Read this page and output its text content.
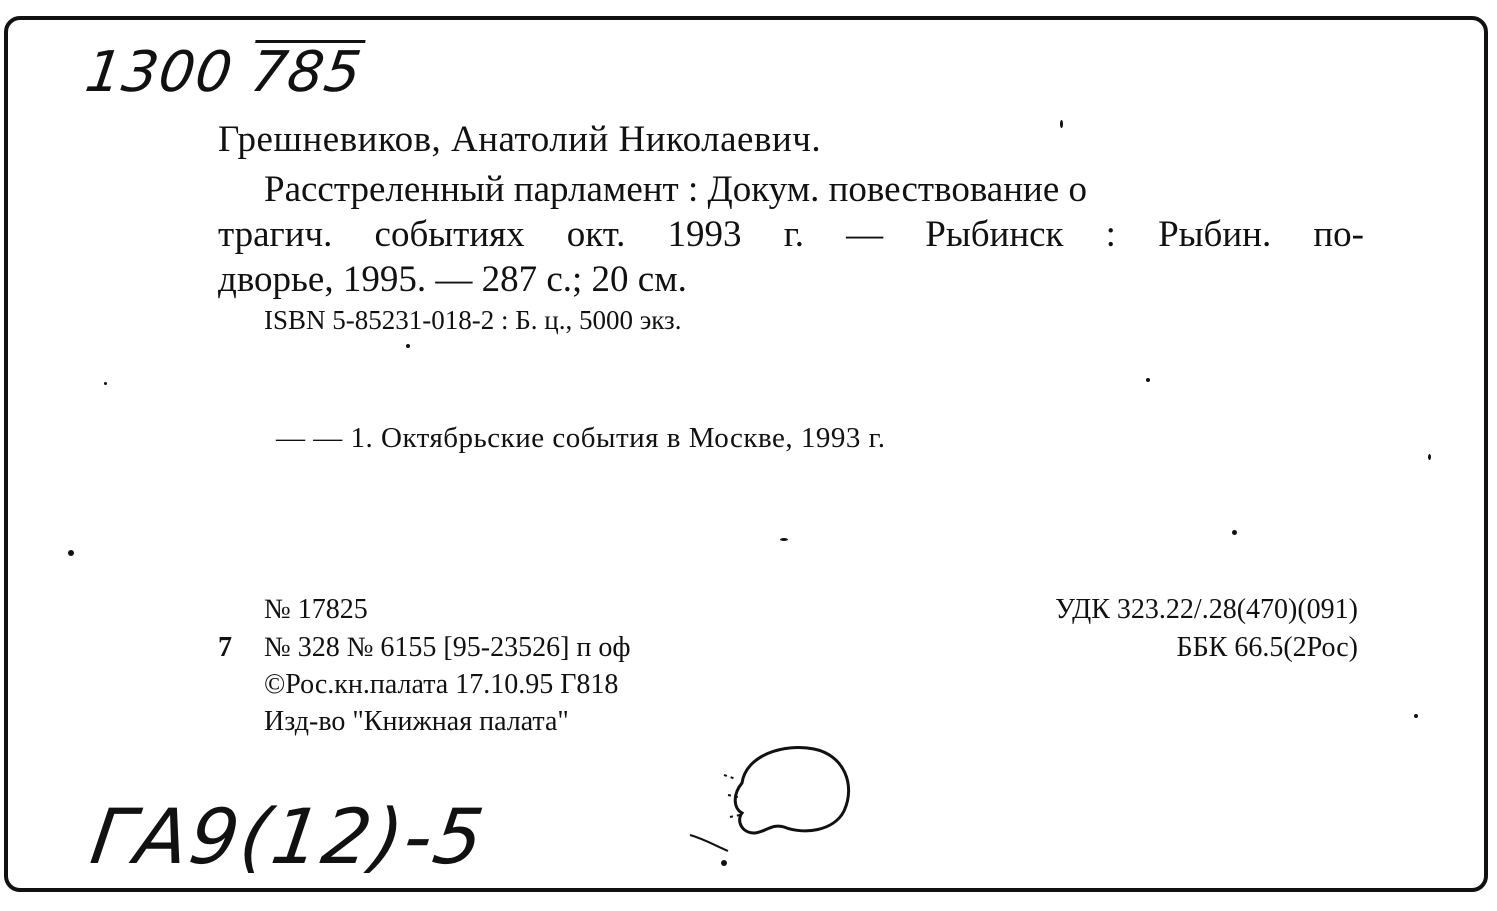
1300 785
Грешневиков, Анатолий Николаевич.
Расстреленный парламент : Докум. повествование о
трагич. событиях окт. 1993 г. — Рыбинск : Рыбин. по-
дворье, 1995. — 287 с.; 20 см.
ISBN 5-85231-018-2 : Б. ц., 5000 экз.
— — 1. Октябрьские события в Москве, 1993 г.
№ 17825
7 № 328 № 6155 [95-23526] п оф
©Рос.кн.палата 17.10.95 Г818
Изд-во "Книжная палата"
УДК 323.22/.28(470)(091)
ББК 66.5(2Рос)
ГА9(12)-5
